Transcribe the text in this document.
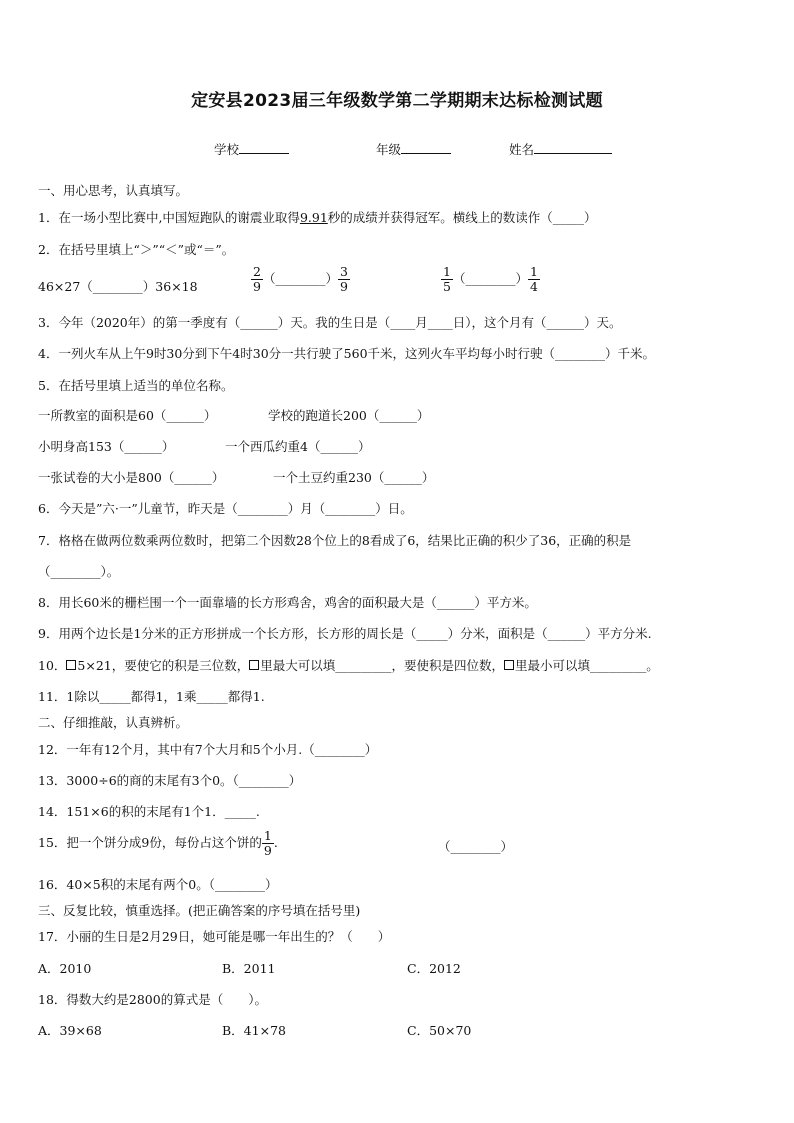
定安县2023届三年级数学第二学期期末达标检测试题
学校	年级	姓名
一、用心思考，认真填写。
1．在一场小型比赛中,中国短跑队的谢震业取得9.91秒的成绩并获得冠军。横线上的数读作（_____）
2．在括号里填上“＞”“＜”或“＝”。
46×27（________）36×18	$\frac{2}{9}$ （________） $\frac{3}{9}$	$\frac{1}{5}$ （________） $\frac{1}{4}$
3．今年（2020年）的第一季度有（______）天。我的生日是（____月____日），这个月有（______）天。
4．一列火车从上午9时30分到下午4时30分一共行驶了560千米，这列火车平均每小时行驶（________）千米。
5．在括号里填上适当的单位名称。
一所教室的面积是60（______）	学校的跑道长200（______）
小明身高153（______）	一个西瓜约重4（______）
一张试卷的大小是800（______）	一个土豆约重230（______）
6．今天是”六·一”儿童节，昨天是（________）月（________）日。
7．格格在做两位数乘两位数时，把第二个因数28个位上的8看成了6，结果比正确的积少了36，正确的积是
（________）。
8．用长60米的栅栏围一个一面靠墙的长方形鸡舍，鸡舍的面积最大是（______）平方米。
9．用两个边长是1分米的正方形拼成一个长方形，长方形的周长是（_____）分米，面积是（______）平方分米.
10． 5×21，要使它的积是三位数， 里最大可以填_________，要使积是四位数， 里最小可以填_________。
11．1除以_____都得1，1乘_____都得1.
二、仔细推敲，认真辨析。
12．一年有12个月，其中有7个大月和5个小月.（________）
13．3000÷6的商的末尾有3个0。（________）
14．151×6的积的末尾有1个1．_____.
15．把一个饼分成9份，每份占这个饼的 $\frac{1}{9}$ .	（________）
16．40×5积的末尾有两个0。（________）
三、反复比较，慎重选择。(把正确答案的序号填在括号里)
17．小丽的生日是2月29日，她可能是哪一年出生的？（　　）
A．2010	B．2011	C．2012
18．得数大约是2800的算式是（　　）。
A．39×68	B．41×78	C．50×70
